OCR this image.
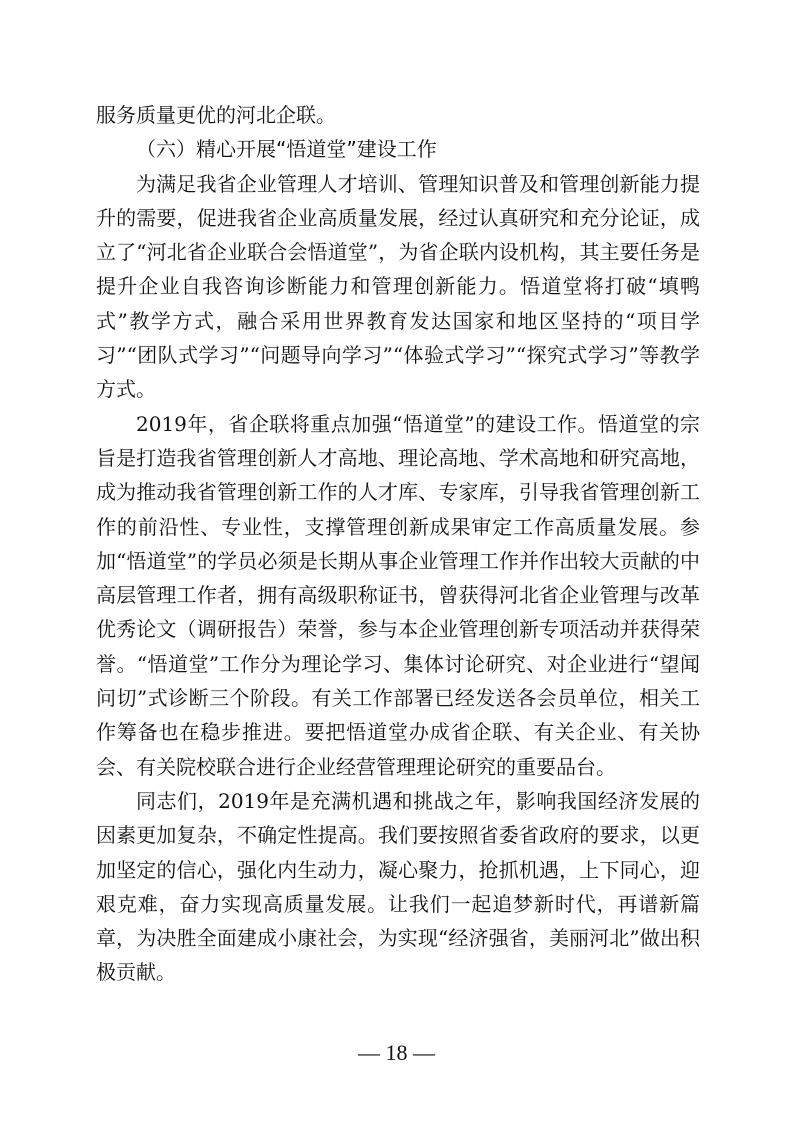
服务质量更优的河北企联。

（六）精心开展“悟道堂”建设工作

为满足我省企业管理人才培训、管理知识普及和管理创新能力提升的需要，促进我省企业高质量发展，经过认真研究和充分论证，成立了“河北省企业联合会悟道堂”，为省企联内设机构，其主要任务是提升企业自我咨询诊断能力和管理创新能力。悟道堂将打破“填鸭式”教学方式，融合采用世界教育发达国家和地区坚持的“项目学习”“团队式学习”“问题导向学习”“体验式学习”“探究式学习”等教学方式。

2019年，省企联将重点加强“悟道堂”的建设工作。悟道堂的宗旨是打造我省管理创新人才高地、理论高地、学术高地和研究高地，成为推动我省管理创新工作的人才库、专家库，引导我省管理创新工作的前沿性、专业性，支撑管理创新成果审定工作高质量发展。参加“悟道堂”的学员必须是长期从事企业管理工作并作出较大贡献的中高层管理工作者，拥有高级职称证书，曾获得河北省企业管理与改革优秀论文（调研报告）荣誉，参与本企业管理创新专项活动并获得荣誉。“悟道堂”工作分为理论学习、集体讨论研究、对企业进行“望闻问切”式诊断三个阶段。有关工作部署已经发送各会员单位，相关工作筹备也在稳步推进。要把悟道堂办成省企联、有关企业、有关协会、有关院校联合进行企业经营管理理论研究的重要品台。

同志们，2019年是充满机遇和挑战之年，影响我国经济发展的因素更加复杂，不确定性提高。我们要按照省委省政府的要求，以更加坚定的信心，强化内生动力，凝心聚力，抢抓机遇，上下同心，迎艰克难，奋力实现高质量发展。让我们一起追梦新时代，再谱新篇章，为决胜全面建成小康社会，为实现“经济强省，美丽河北”做出积极贡献。

— 18 —
